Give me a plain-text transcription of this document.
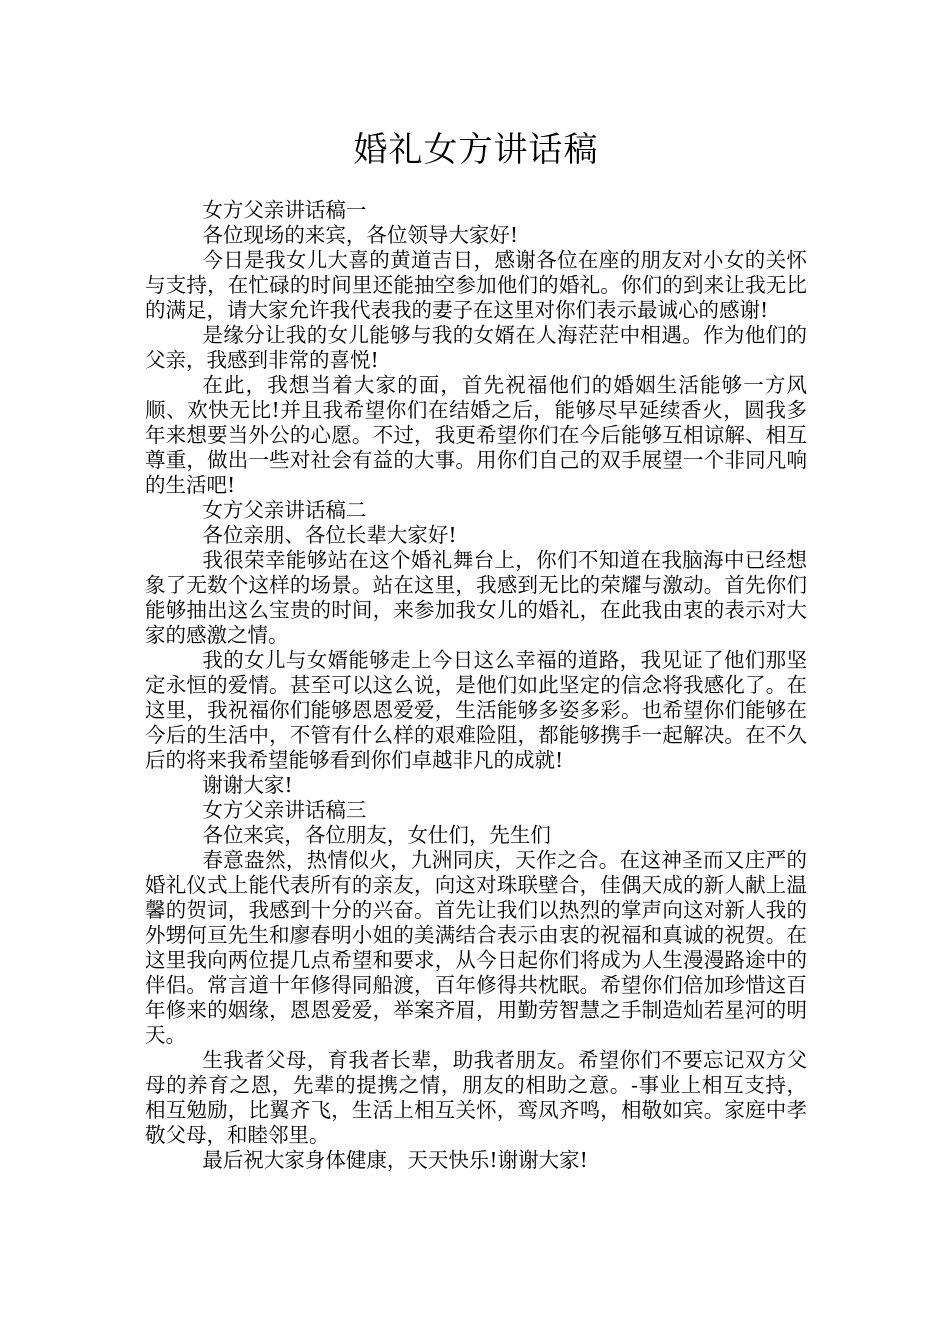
婚礼女方讲话稿

女方父亲讲话稿一

各位现场的来宾，各位领导大家好!

今日是我女儿大喜的黄道吉日，感谢各位在座的朋友对小女的关怀与支持，在忙碌的时间里还能抽空参加他们的婚礼。你们的到来让我无比的满足，请大家允许我代表我的妻子在这里对你们表示最诚心的感谢!

是缘分让我的女儿能够与我的女婿在人海茫茫中相遇。作为他们的父亲，我感到非常的喜悦!

在此，我想当着大家的面，首先祝福他们的婚姻生活能够一方风顺、欢快无比!并且我希望你们在结婚之后，能够尽早延续香火，圆我多年来想要当外公的心愿。不过，我更希望你们在今后能够互相谅解、相互尊重，做出一些对社会有益的大事。用你们自己的双手展望一个非同凡响的生活吧!

女方父亲讲话稿二

各位亲朋、各位长辈大家好!

我很荣幸能够站在这个婚礼舞台上，你们不知道在我脑海中已经想象了无数个这样的场景。站在这里，我感到无比的荣耀与激动。首先你们能够抽出这么宝贵的时间，来参加我女儿的婚礼，在此我由衷的表示对大家的感激之情。

我的女儿与女婿能够走上今日这么幸福的道路，我见证了他们那坚定永恒的爱情。甚至可以这么说，是他们如此坚定的信念将我感化了。在这里，我祝福你们能够恩恩爱爱，生活能够多姿多彩。也希望你们能够在今后的生活中，不管有什么样的艰难险阻，都能够携手一起解决。在不久后的将来我希望能够看到你们卓越非凡的成就!

谢谢大家!

女方父亲讲话稿三

各位来宾，各位朋友，女仕们，先生们

春意盎然，热情似火，九洲同庆，天作之合。在这神圣而又庄严的婚礼仪式上能代表所有的亲友，向这对珠联壁合，佳偶天成的新人献上温馨的贺词，我感到十分的兴奋。首先让我们以热烈的掌声向这对新人我的外甥何亘先生和廖春明小姐的美满结合表示由衷的祝福和真诚的祝贺。在这里我向两位提几点希望和要求，从今日起你们将成为人生漫漫路途中的伴侣。常言道十年修得同船渡，百年修得共枕眠。希望你们倍加珍惜这百年修来的姻缘，恩恩爱爱，举案齐眉，用勤劳智慧之手制造灿若星河的明天。

生我者父母，育我者长辈，助我者朋友。希望你们不要忘记双方父母的养育之恩，先辈的提携之情，朋友的相助之意。-事业上相互支持，相互勉励，比翼齐飞，生活上相互关怀，鸾凤齐鸣，相敬如宾。家庭中孝敬父母，和睦邻里。

最后祝大家身体健康，天天快乐!谢谢大家!
